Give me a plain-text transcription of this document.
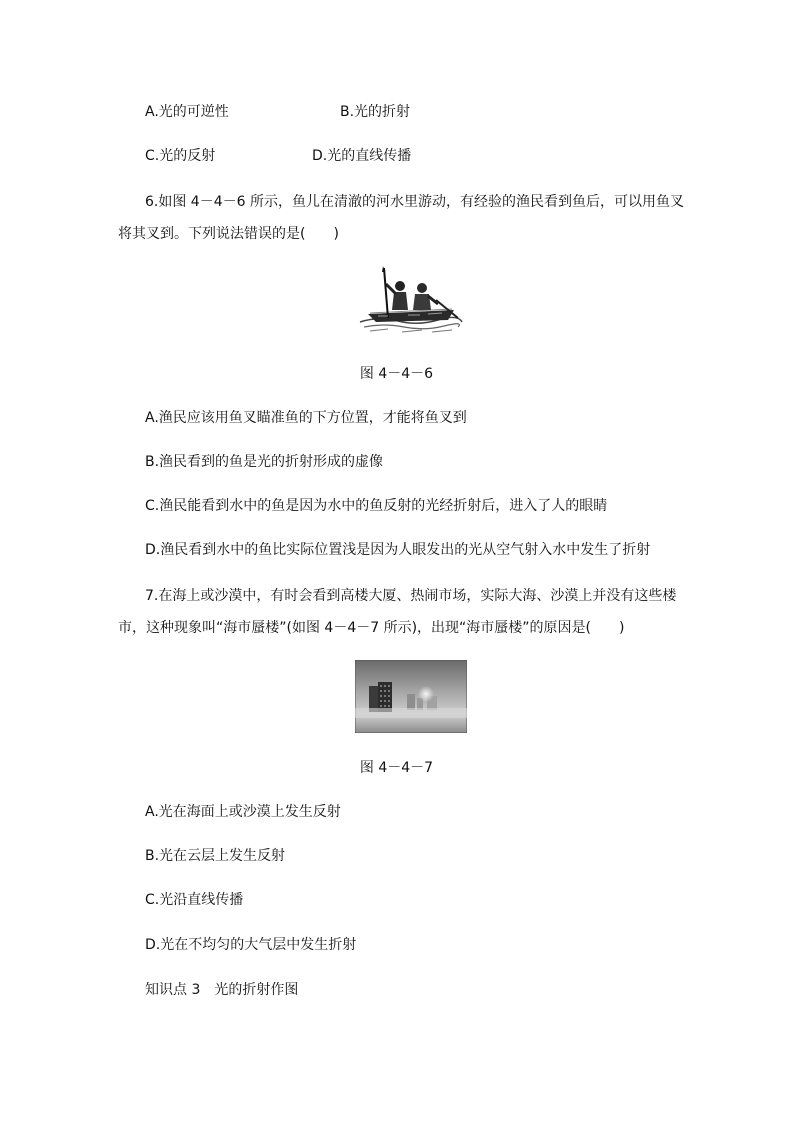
A.光的可逆性	B.光的折射
C.光的反射	D.光的直线传播
6.如图 4－4－6 所示，鱼儿在清澈的河水里游动，有经验的渔民看到鱼后，可以用鱼叉
将其叉到。下列说法错误的是(　　)
图 4－4－6
A.渔民应该用鱼叉瞄准鱼的下方位置，才能将鱼叉到
B.渔民看到的鱼是光的折射形成的虚像
C.渔民能看到水中的鱼是因为水中的鱼反射的光经折射后，进入了人的眼睛
D.渔民看到水中的鱼比实际位置浅是因为人眼发出的光从空气射入水中发生了折射
7.在海上或沙漠中，有时会看到高楼大厦、热闹市场，实际大海、沙漠上并没有这些楼
市，这种现象叫“海市蜃楼”(如图 4－4－7 所示)，出现“海市蜃楼”的原因是(　　)
图 4－4－7
A.光在海面上或沙漠上发生反射
B.光在云层上发生反射
C.光沿直线传播
D.光在不均匀的大气层中发生折射
知识点 3　光的折射作图
